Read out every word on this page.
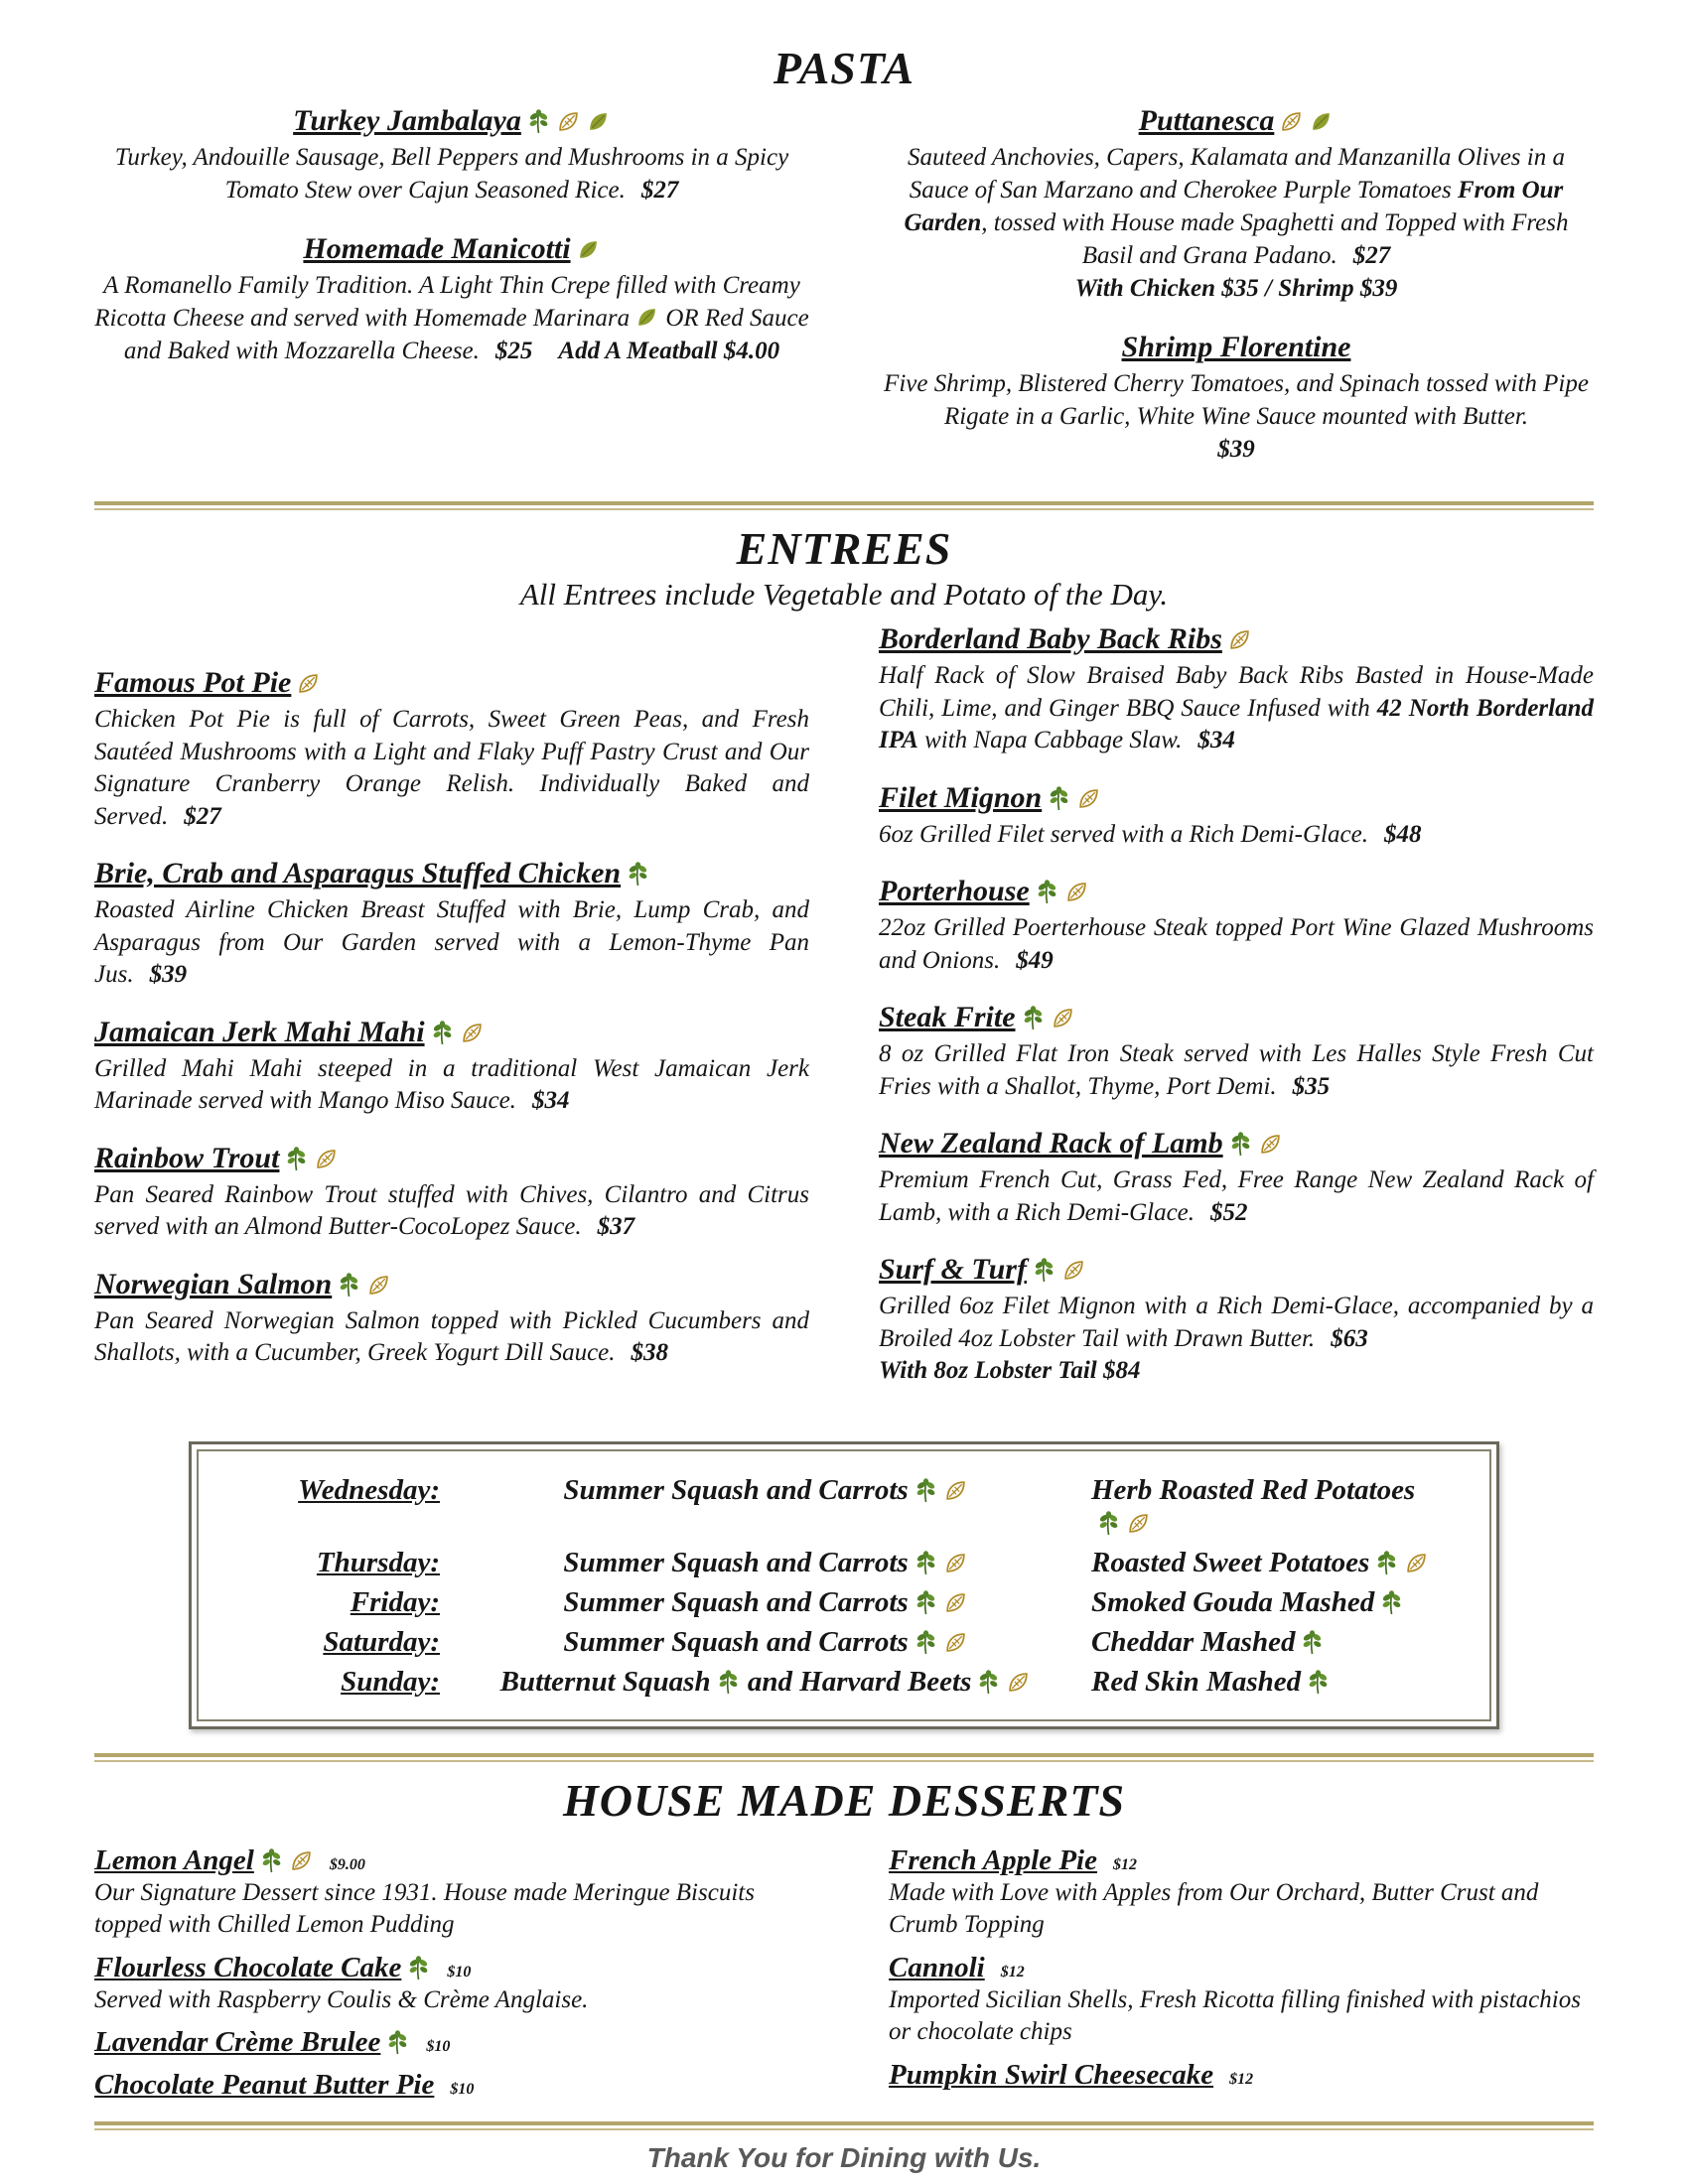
PASTA
Turkey Jambalaya
Turkey, Andouille Sausage, Bell Peppers and Mushrooms in a Spicy Tomato Stew over Cajun Seasoned Rice. $27
Homemade Manicotti
A Romanello Family Tradition. A Light Thin Crepe filled with Creamy Ricotta Cheese and served with Homemade Marinara OR Red Sauce and Baked with Mozzarella Cheese. $25 Add A Meatball $4.00
Puttanesca
Sauteed Anchovies, Capers, Kalamata and Manzanilla Olives in a Sauce of San Marzano and Cherokee Purple Tomatoes From Our Garden, tossed with House made Spaghetti and Topped with Fresh Basil and Grana Padano. $27
With Chicken $35 / Shrimp $39
Shrimp Florentine
Five Shrimp, Blistered Cherry Tomatoes, and Spinach tossed with Pipe Rigate in a Garlic, White Wine Sauce mounted with Butter.
$39
ENTREES
All Entrees include Vegetable and Potato of the Day.
Famous Pot Pie
Chicken Pot Pie is full of Carrots, Sweet Green Peas, and Fresh Sautéed Mushrooms with a Light and Flaky Puff Pastry Crust and Our Signature Cranberry Orange Relish. Individually Baked and Served. $27
Brie, Crab and Asparagus Stuffed Chicken
Roasted Airline Chicken Breast Stuffed with Brie, Lump Crab, and Asparagus from Our Garden served with a Lemon-Thyme Pan Jus. $39
Jamaican Jerk Mahi Mahi
Grilled Mahi Mahi steeped in a traditional West Jamaican Jerk Marinade served with Mango Miso Sauce. $34
Rainbow Trout
Pan Seared Rainbow Trout stuffed with Chives, Cilantro and Citrus served with an Almond Butter-CocoLopez Sauce. $37
Norwegian Salmon
Pan Seared Norwegian Salmon topped with Pickled Cucumbers and Shallots, with a Cucumber, Greek Yogurt Dill Sauce. $38
Borderland Baby Back Ribs
Half Rack of Slow Braised Baby Back Ribs Basted in House-Made Chili, Lime, and Ginger BBQ Sauce Infused with 42 North Borderland IPA with Napa Cabbage Slaw. $34
Filet Mignon
6oz Grilled Filet served with a Rich Demi-Glace. $48
Porterhouse
22oz Grilled Poerterhouse Steak topped Port Wine Glazed Mushrooms and Onions. $49
Steak Frite
8 oz Grilled Flat Iron Steak served with Les Halles Style Fresh Cut Fries with a Shallot, Thyme, Port Demi. $35
New Zealand Rack of Lamb
Premium French Cut, Grass Fed, Free Range New Zealand Rack of Lamb, with a Rich Demi-Glace. $52
Surf & Turf
Grilled 6oz Filet Mignon with a Rich Demi-Glace, accompanied by a Broiled 4oz Lobster Tail with Drawn Butter. $63
With 8oz Lobster Tail $84
Wednesday:	Summer Squash and Carrots	Herb Roasted Red Potatoes
Thursday:	Summer Squash and Carrots	Roasted Sweet Potatoes
Friday:	Summer Squash and Carrots	Smoked Gouda Mashed
Saturday:	Summer Squash and Carrots	Cheddar Mashed
Sunday:	Butternut Squash and Harvard Beets	Red Skin Mashed
HOUSE MADE DESSERTS
Lemon Angel	$9.00
Our Signature Dessert since 1931. House made Meringue Biscuits topped with Chilled Lemon Pudding
Flourless Chocolate Cake	$10
Served with Raspberry Coulis & Crème Anglaise.
Lavendar Crème Brulee	$10
Chocolate Peanut Butter Pie $10
French Apple Pie $12
Made with Love with Apples from Our Orchard, Butter Crust and Crumb Topping
Cannoli $12
Imported Sicilian Shells, Fresh Ricotta filling finished with pistachios or chocolate chips
Pumpkin Swirl Cheesecake $12
Thank You for Dining with Us.
